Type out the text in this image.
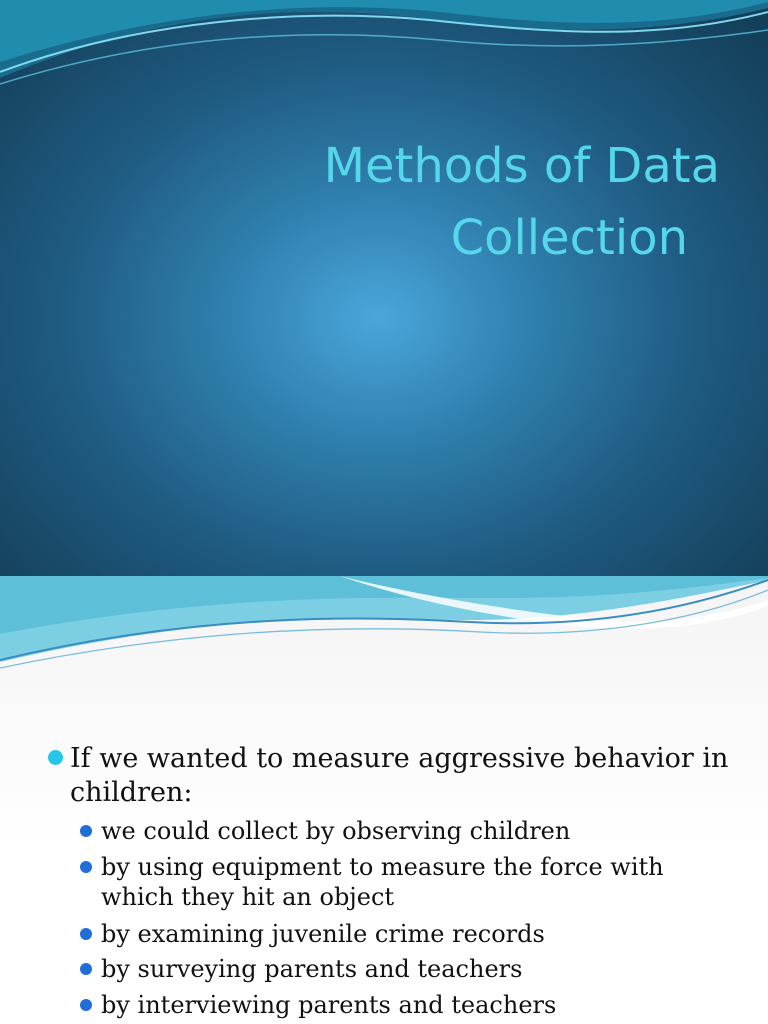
Methods of Data
Collection
If we wanted to measure aggressive behavior in children:
we could collect by observing children
by using equipment to measure the force with which they hit an object
by examining juvenile crime records
by surveying parents and teachers
by interviewing parents and teachers
